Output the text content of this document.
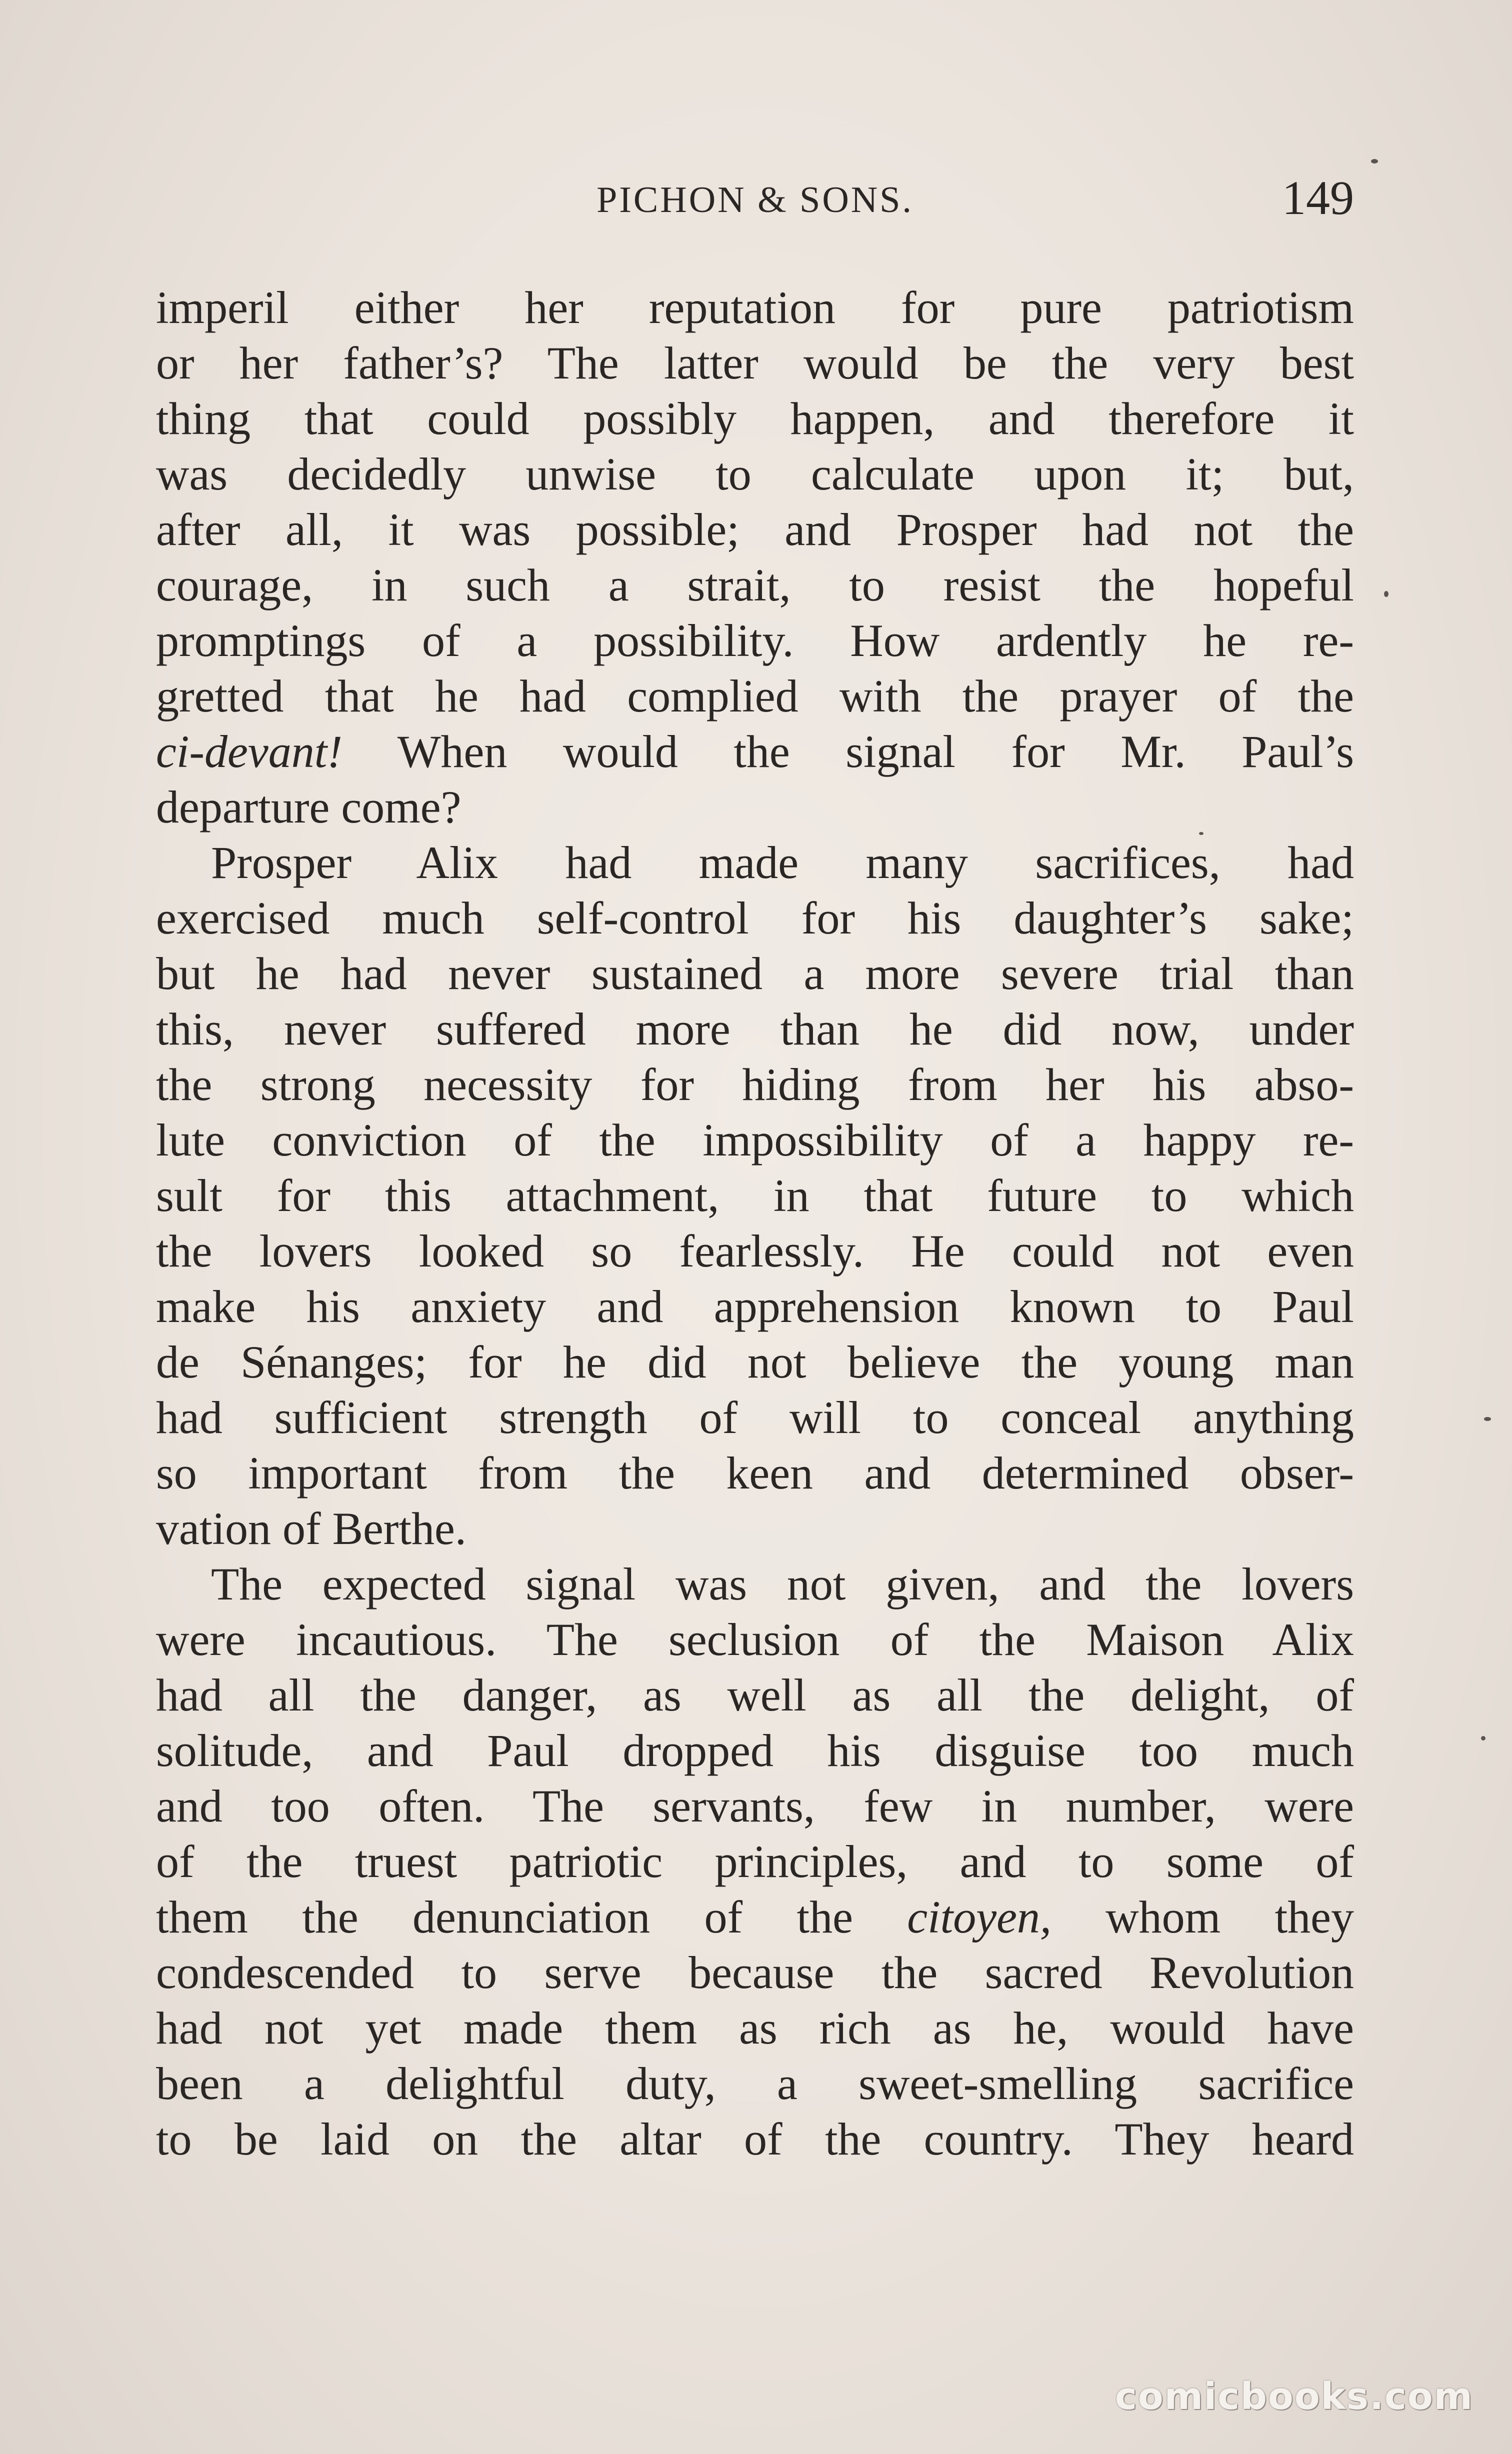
PICHON & SONS.	149
imperil either her reputation for pure patriotism
or her father’s? The latter would be the very best
thing that could possibly happen, and therefore it
was decidedly unwise to calculate upon it; but,
after all, it was possible; and Prosper had not the
courage, in such a strait, to resist the hopeful
promptings of a possibility. How ardently he re-
gretted that he had complied with the prayer of the
ci-devant! When would the signal for Mr. Paul’s
departure come?
Prosper Alix had made many sacrifices, had
exercised much self-control for his daughter’s sake;
but he had never sustained a more severe trial than
this, never suffered more than he did now, under
the strong necessity for hiding from her his abso-
lute conviction of the impossibility of a happy re-
sult for this attachment, in that future to which
the lovers looked so fearlessly. He could not even
make his anxiety and apprehension known to Paul
de Sénanges; for he did not believe the young man
had sufficient strength of will to conceal anything
so important from the keen and determined obser-
vation of Berthe.
The expected signal was not given, and the lovers
were incautious. The seclusion of the Maison Alix
had all the danger, as well as all the delight, of
solitude, and Paul dropped his disguise too much
and too often. The servants, few in number, were
of the truest patriotic principles, and to some of
them the denunciation of the citoyen, whom they
condescended to serve because the sacred Revolution
had not yet made them as rich as he, would have
been a delightful duty, a sweet-smelling sacrifice
to be laid on the altar of the country. They heard
comicbooks.com
